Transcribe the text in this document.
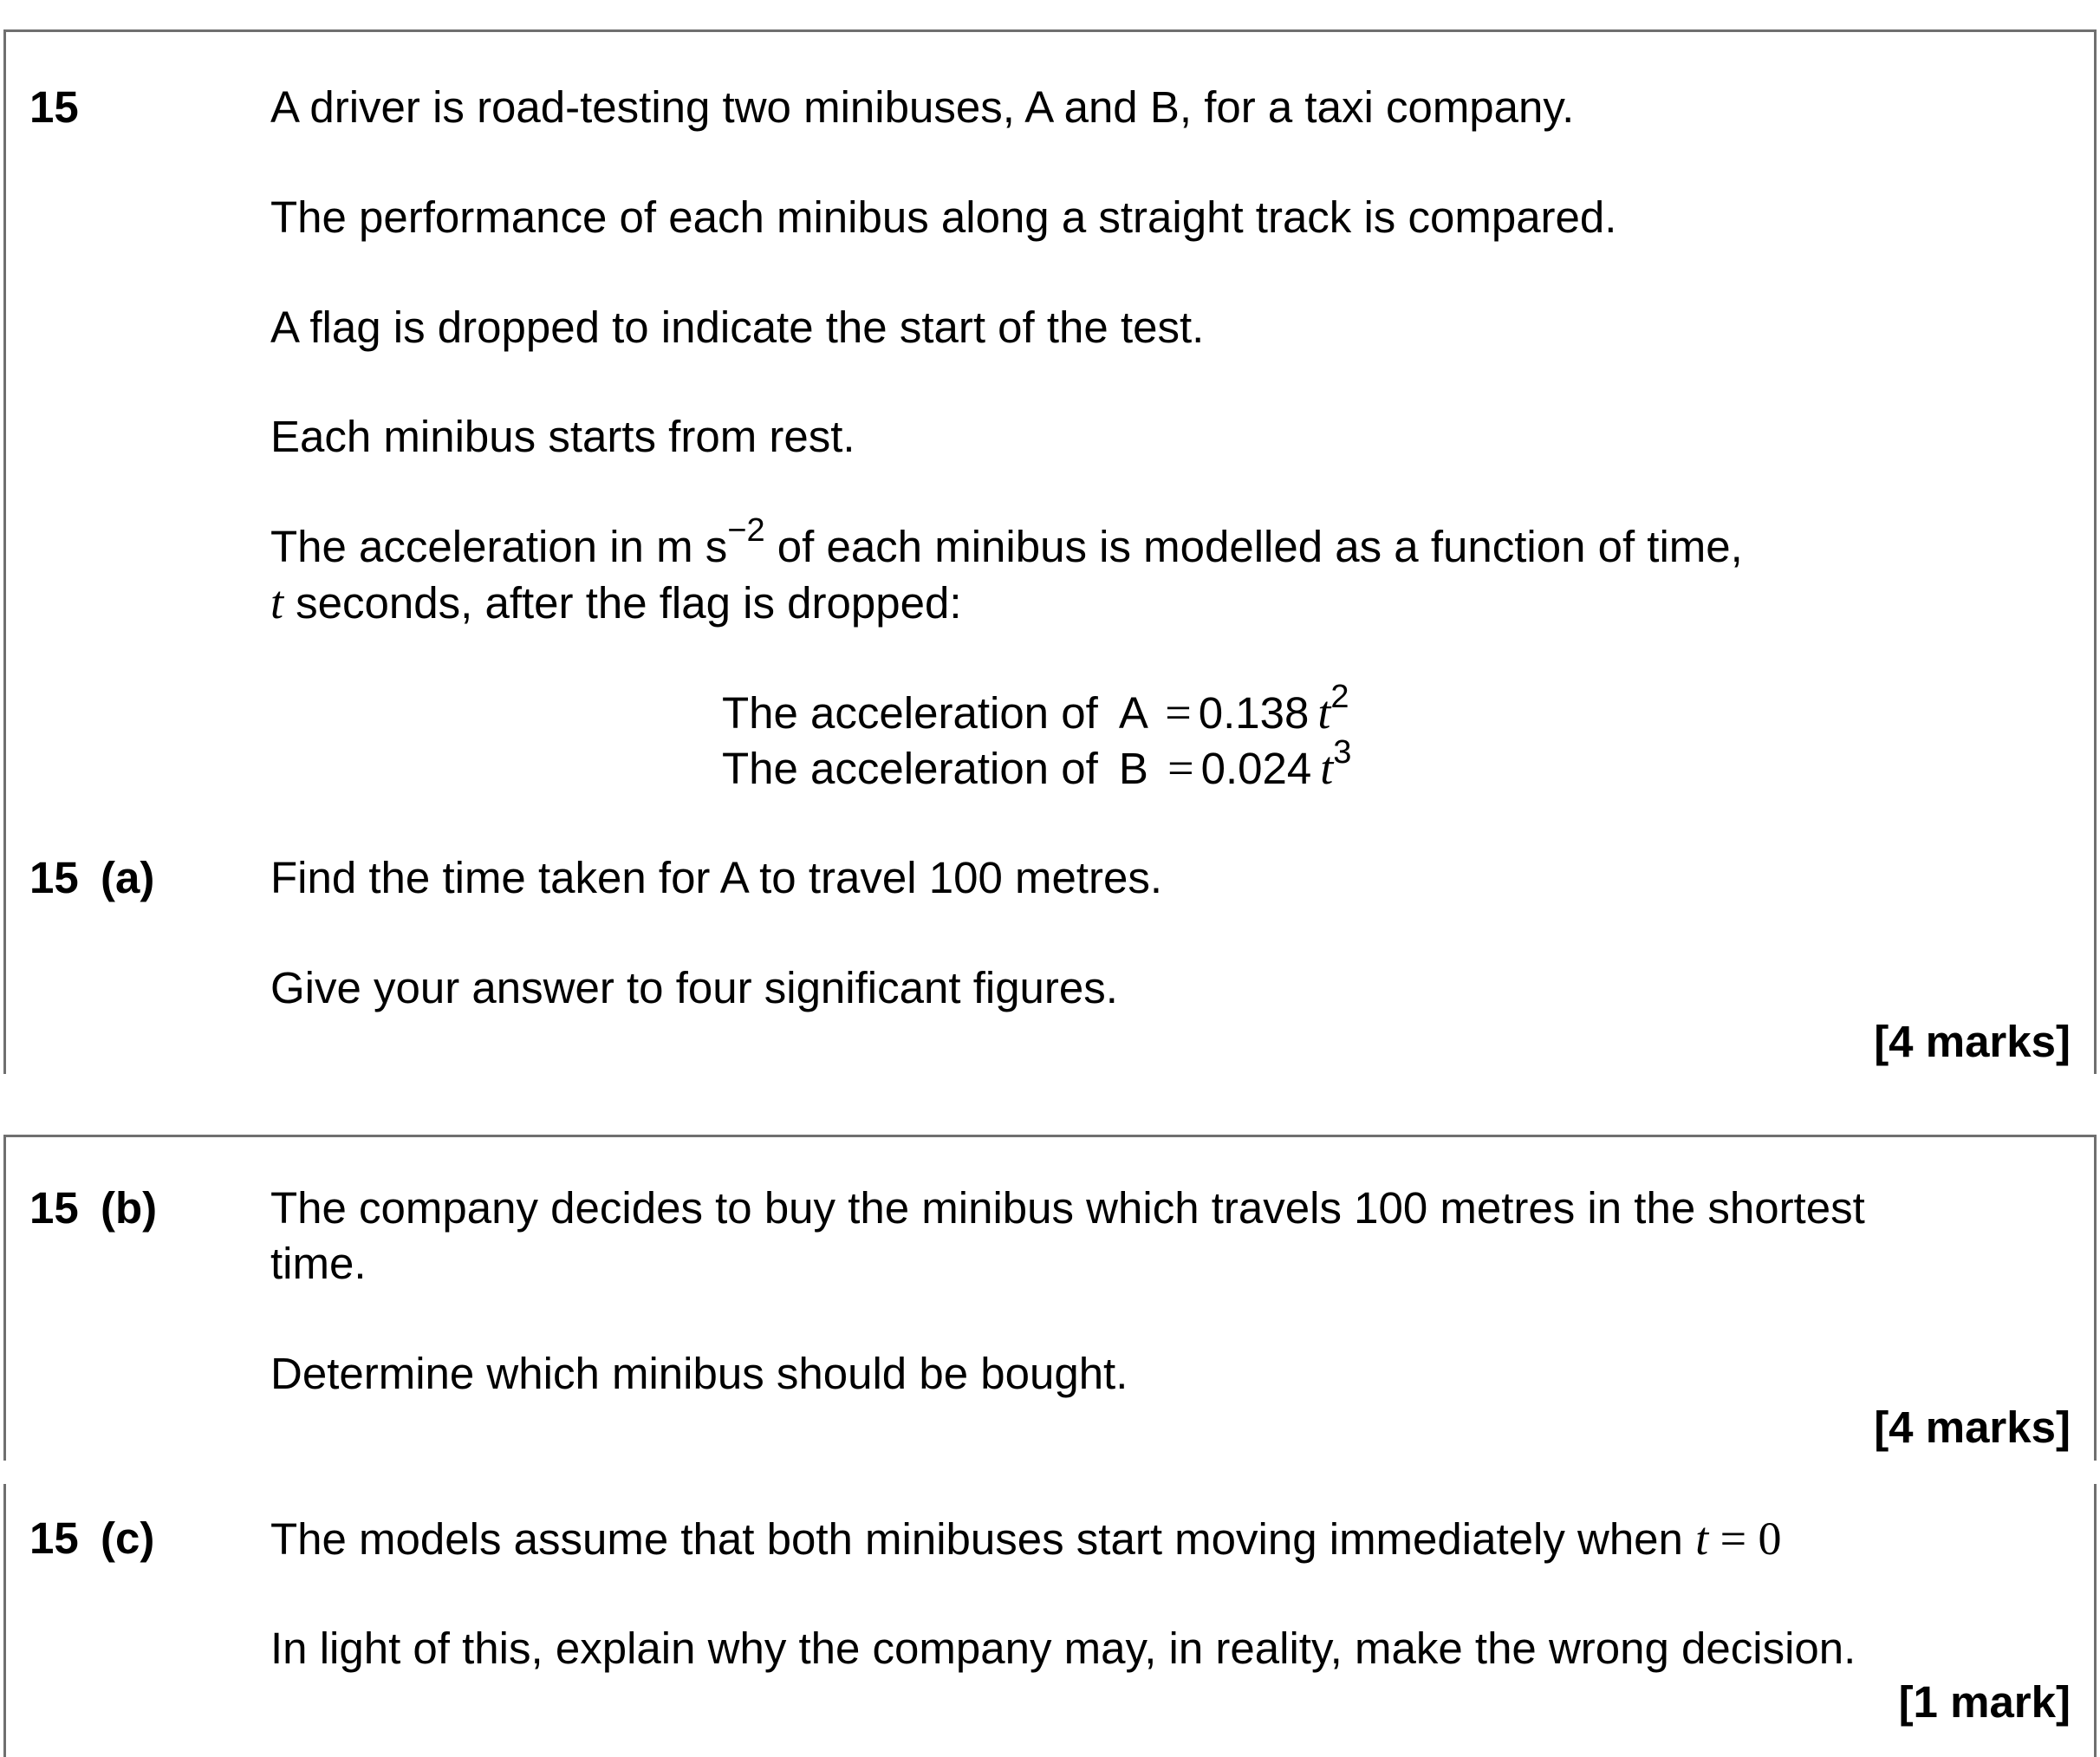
15	A driver is road-testing two minibuses, A and B, for a taxi company.
The performance of each minibus along a straight track is compared.
A flag is dropped to indicate the start of the test.
Each minibus starts from rest.
The acceleration in m $s^{-2}$ of each minibus is modelled as a function of time,
t seconds, after the flag is dropped:
The acceleration of A = 0.138 $t^2$
The acceleration of B = 0.024 $t^3$
15 (a)	Find the time taken for A to travel 100 metres.
Give your answer to four significant figures.
[4 marks]
15 (b)	The company decides to buy the minibus which travels 100 metres in the shortest
time.
Determine which minibus should be bought.
[4 marks]
15 (c)	The models assume that both minibuses start moving immediately when t = 0
In light of this, explain why the company may, in reality, make the wrong decision.
[1 mark]
